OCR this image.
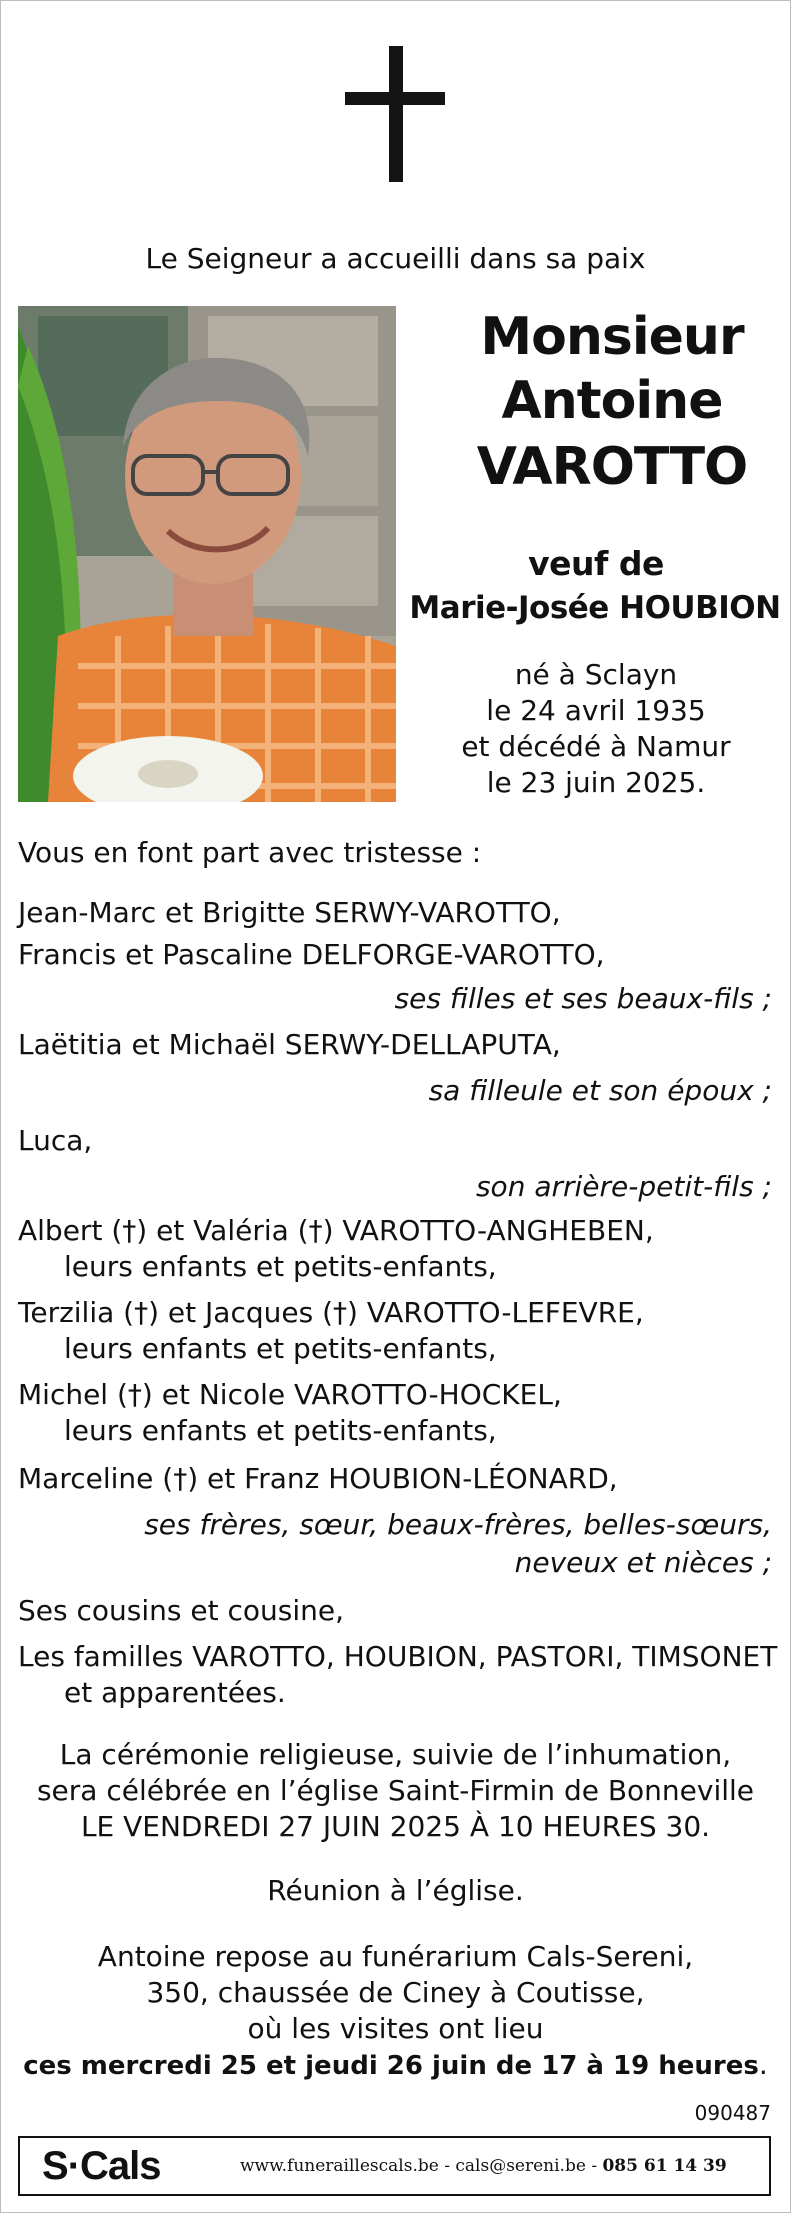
Le Seigneur a accueilli dans sa paix
Monsieur
Antoine
VAROTTO
veuf de
Marie-Josée HOUBION
né à Sclayn
le 24 avril 1935
et décédé à Namur
le 23 juin 2025.
Vous en font part avec tristesse :
Jean-Marc et Brigitte SERWY-VAROTTO,
Francis et Pascaline DELFORGE-VAROTTO,
ses filles et ses beaux-fils ;
Laëtitia et Michaël SERWY-DELLAPUTA,
sa filleule et son époux ;
Luca,
son arrière-petit-fils ;
Albert (†) et Valéria (†) VAROTTO-ANGHEBEN,
leurs enfants et petits-enfants,
Terzilia (†) et Jacques (†) VAROTTO-LEFEVRE,
leurs enfants et petits-enfants,
Michel (†) et Nicole VAROTTO-HOCKEL,
leurs enfants et petits-enfants,
Marceline (†) et Franz HOUBION-LÉONARD,
ses frères, sœur, beaux-frères, belles-sœurs,
neveux et nièces ;
Ses cousins et cousine,
Les familles VAROTTO, HOUBION, PASTORI, TIMSONET
et apparentées.
La cérémonie religieuse, suivie de l’inhumation,
sera célébrée en l’église Saint-Firmin de Bonneville
LE VENDREDI 27 JUIN 2025 À 10 HEURES 30.
Réunion à l’église.
Antoine repose au funérarium Cals-Sereni,
350, chaussée de Ciney à Coutisse,
où les visites ont lieu
ces mercredi 25 et jeudi 26 juin de 17 à 19 heures.
090487
S·Cals	www.funeraillescals.be - cals@sereni.be - 085 61 14 39
